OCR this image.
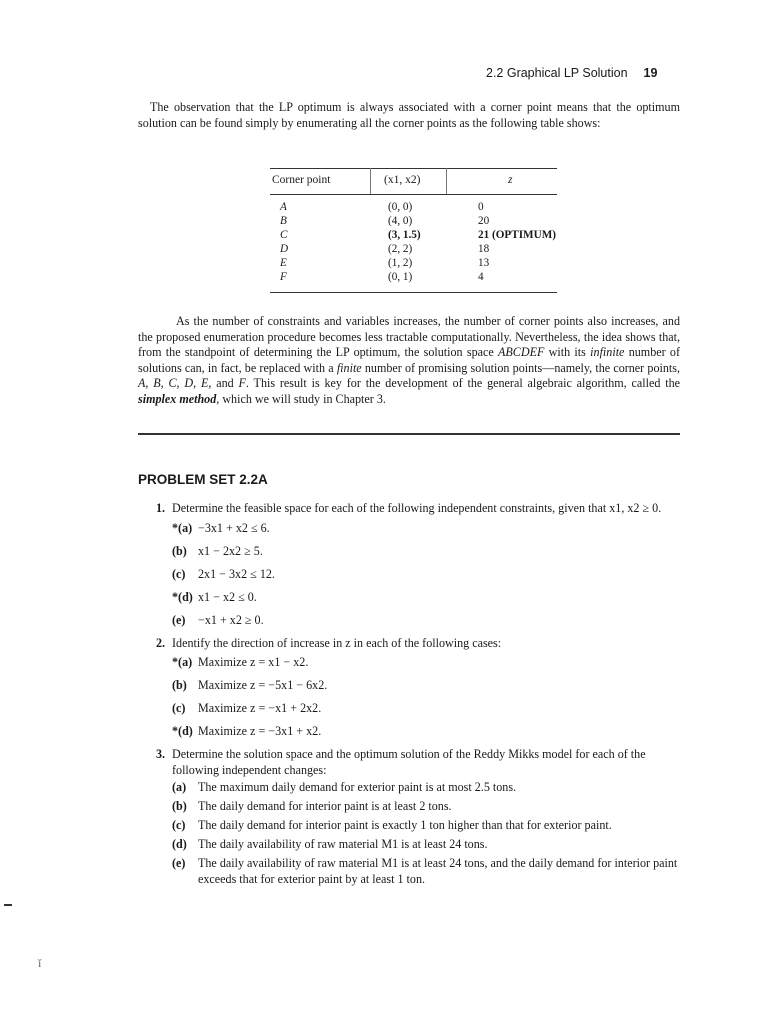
2.2 Graphical LP Solution 19

The observation that the LP optimum is always associated with a corner point means that the optimum solution can be found simply by enumerating all the corner points as the following table shows:

Corner point	(x1, x2)	z
A
B
C
D
E
F
(0, 0)
(4, 0)
(3, 1.5)
(2, 2)
(1, 2)
(0, 1)
0
20
21 (OPTIMUM)
18
13
4

As the number of constraints and variables increases, the number of corner points also increases, and the proposed enumeration procedure becomes less tractable computationally. Nevertheless, the idea shows that, from the standpoint of determining the LP optimum, the solution space ABCDEF with its infinite number of solutions can, in fact, be replaced with a finite number of promising solution points—namely, the corner points, A, B, C, D, E, and F. This result is key for the development of the general algebraic algorithm, called the simplex method, which we will study in Chapter 3.

PROBLEM SET 2.2A
1. Determine the feasible space for each of the following independent constraints, given that x1, x2 ≥ 0.
*(a) −3x1 + x2 ≤ 6.
(b) x1 − 2x2 ≥ 5.
(c) 2x1 − 3x2 ≤ 12.
*(d) x1 − x2 ≤ 0.
(e) −x1 + x2 ≥ 0.
2. Identify the direction of increase in z in each of the following cases:
*(a) Maximize z = x1 − x2.
(b) Maximize z = −5x1 − 6x2.
(c) Maximize z = −x1 + 2x2.
*(d) Maximize z = −3x1 + x2.
3. Determine the solution space and the optimum solution of the Reddy Mikks model for each of the following independent changes:
(a) The maximum daily demand for exterior paint is at most 2.5 tons.
(b) The daily demand for interior paint is at least 2 tons.
(c) The daily demand for interior paint is exactly 1 ton higher than that for exterior paint.
(d) The daily availability of raw material M1 is at least 24 tons.
(e) The daily availability of raw material M1 is at least 24 tons, and the daily demand for interior paint exceeds that for exterior paint by at least 1 ton.
ǐ
